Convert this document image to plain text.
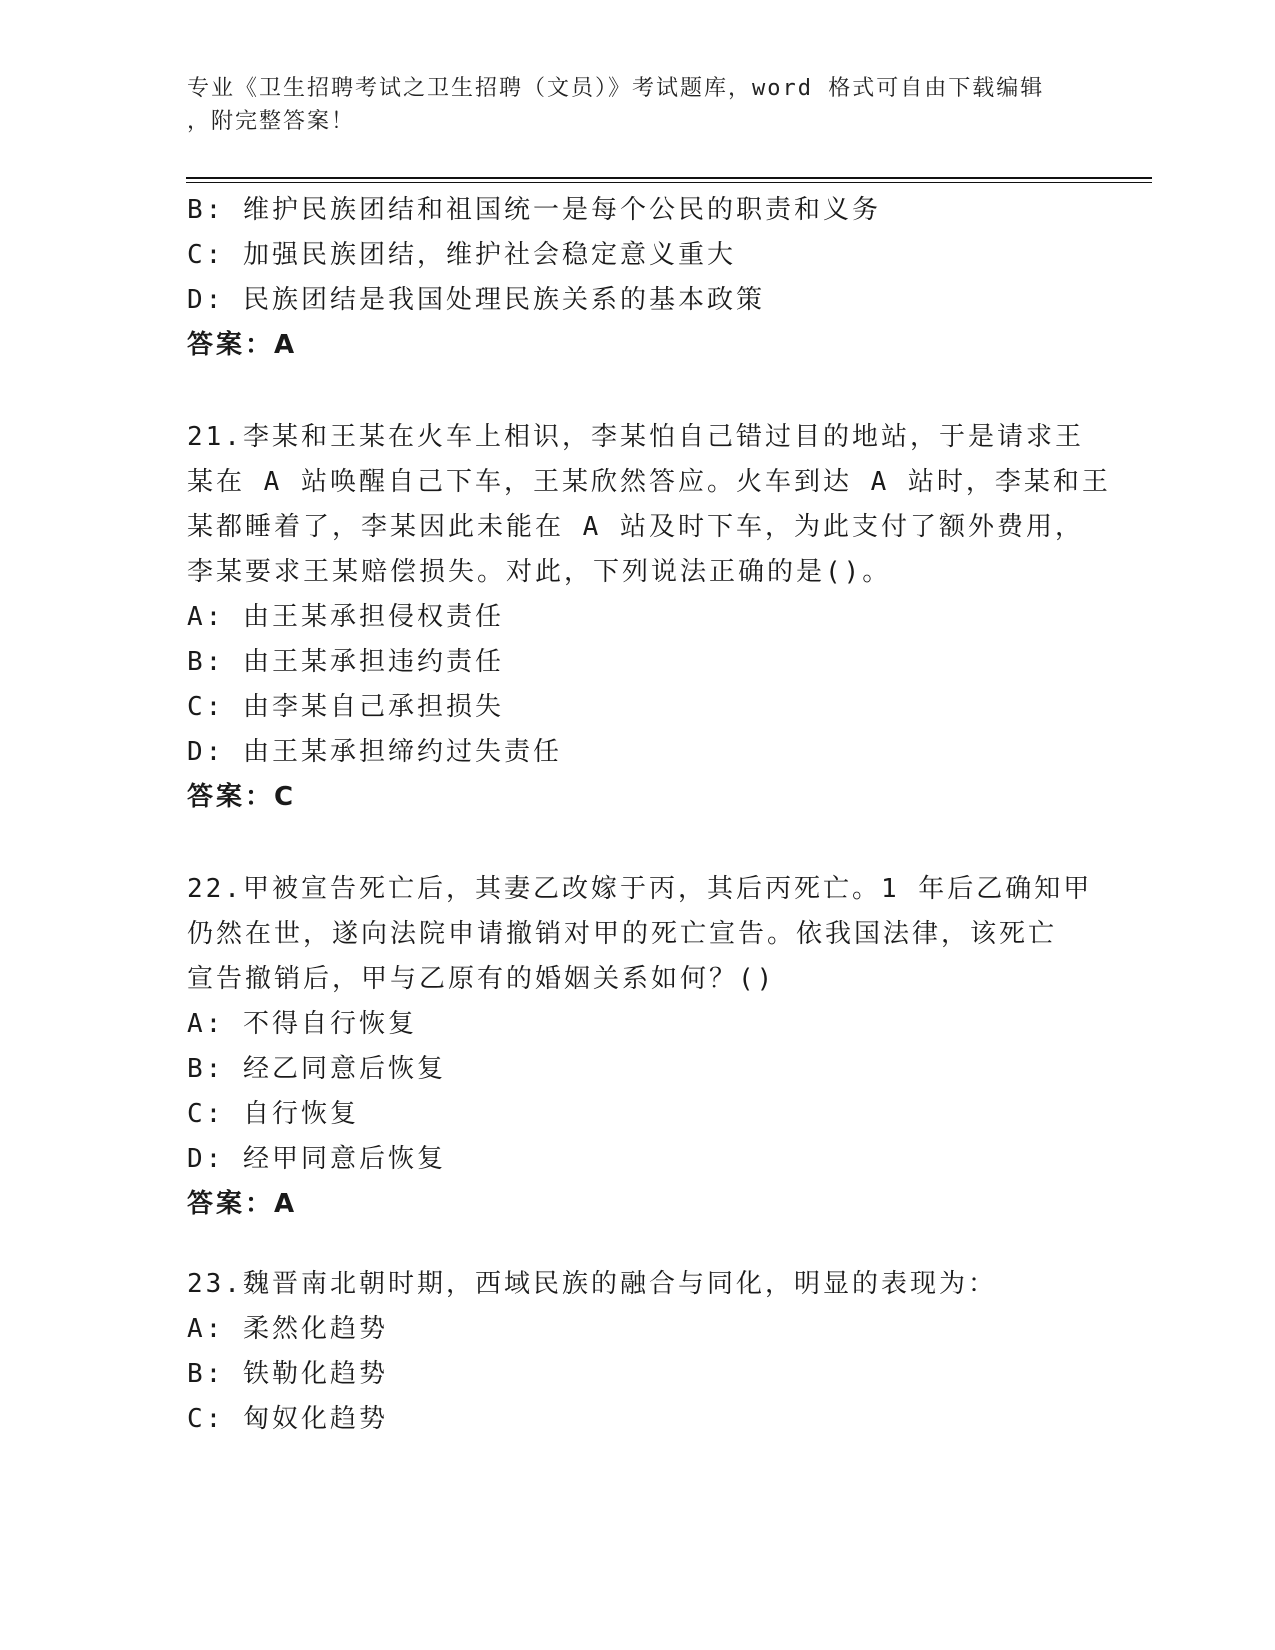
专业《卫生招聘考试之卫生招聘（文员）》考试题库，word 格式可自由下载编辑
，附完整答案！
B: 维护民族团结和祖国统一是每个公民的职责和义务
C: 加强民族团结，维护社会稳定意义重大
D: 民族团结是我国处理民族关系的基本政策
答案：A
21.李某和王某在火车上相识，李某怕自己错过目的地站，于是请求王
某在 A 站唤醒自己下车，王某欣然答应。火车到达 A 站时，李某和王
某都睡着了，李某因此未能在 A 站及时下车，为此支付了额外费用，
李某要求王某赔偿损失。对此，下列说法正确的是()。
A: 由王某承担侵权责任
B: 由王某承担违约责任
C: 由李某自己承担损失
D: 由王某承担缔约过失责任
答案：C
22.甲被宣告死亡后，其妻乙改嫁于丙，其后丙死亡。1 年后乙确知甲
仍然在世，遂向法院申请撤销对甲的死亡宣告。依我国法律，该死亡
宣告撤销后，甲与乙原有的婚姻关系如何？()
A: 不得自行恢复
B: 经乙同意后恢复
C: 自行恢复
D: 经甲同意后恢复
答案：A
23.魏晋南北朝时期，西域民族的融合与同化，明显的表现为：
A: 柔然化趋势
B: 铁勒化趋势
C: 匈奴化趋势
